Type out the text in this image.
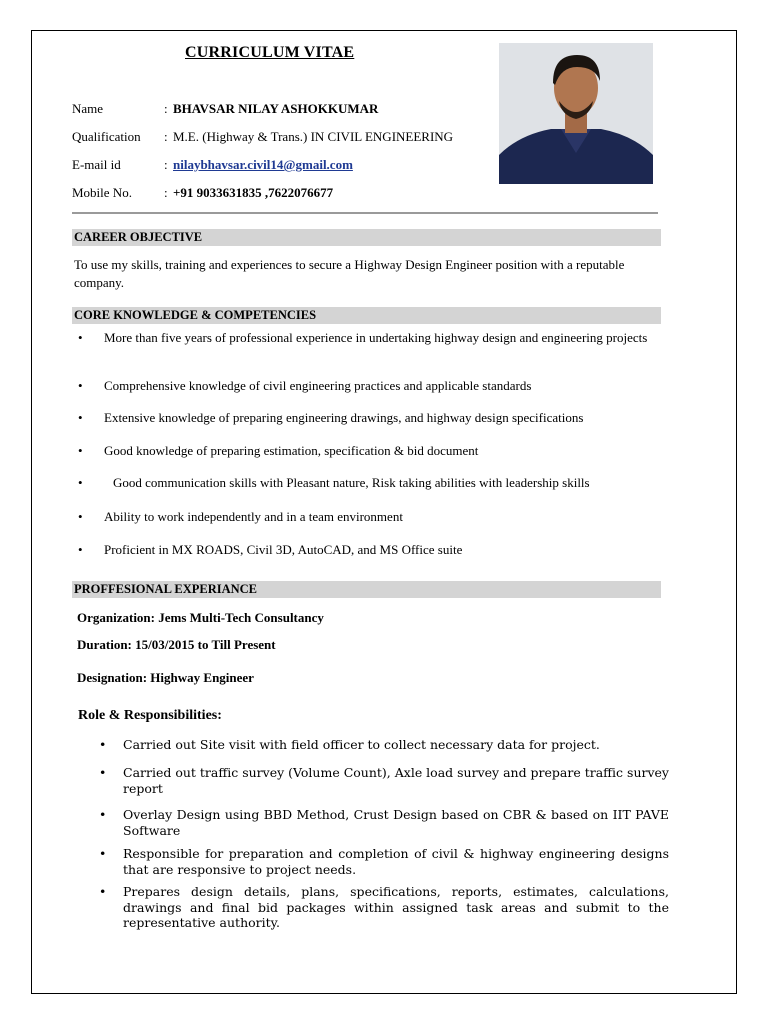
CURRICULUM VITAE
Name	: BHAVSAR NILAY ASHOKKUMAR
Qualification	: M.E. (Highway & Trans.) IN CIVIL ENGINEERING
E-mail id	: nilaybhavsar.civil14@gmail.com
Mobile No.	: +91 9033631835 ,7622076677
CAREER OBJECTIVE
To use my skills, training and experiences to secure a Highway Design Engineer position with a reputable company.
CORE KNOWLEDGE & COMPETENCIES
• More than five years of professional experience in undertaking highway design and engineering projects
• Comprehensive knowledge of civil engineering practices and applicable standards
• Extensive knowledge of preparing engineering drawings, and highway design specifications
• Good knowledge of preparing estimation, specification & bid document
• Good communication skills with Pleasant nature, Risk taking abilities with leadership skills
• Ability to work independently and in a team environment
• Proficient in MX ROADS, Civil 3D, AutoCAD, and MS Office suite
PROFFESIONAL EXPERIANCE
Organization: Jems Multi-Tech Consultancy
Duration: 15/03/2015 to Till Present
Designation: Highway Engineer
Role & Responsibilities:
• Carried out Site visit with field officer to collect necessary data for project.
• Carried out traffic survey (Volume Count), Axle load survey and prepare traffic survey report
• Overlay Design using BBD Method, Crust Design based on CBR & based on IIT PAVE Software
• Responsible for preparation and completion of civil & highway engineering designs that are responsive to project needs.
• Prepares design details, plans, specifications, reports, estimates, calculations, drawings and final bid packages within assigned task areas and submit to the representative authority.
